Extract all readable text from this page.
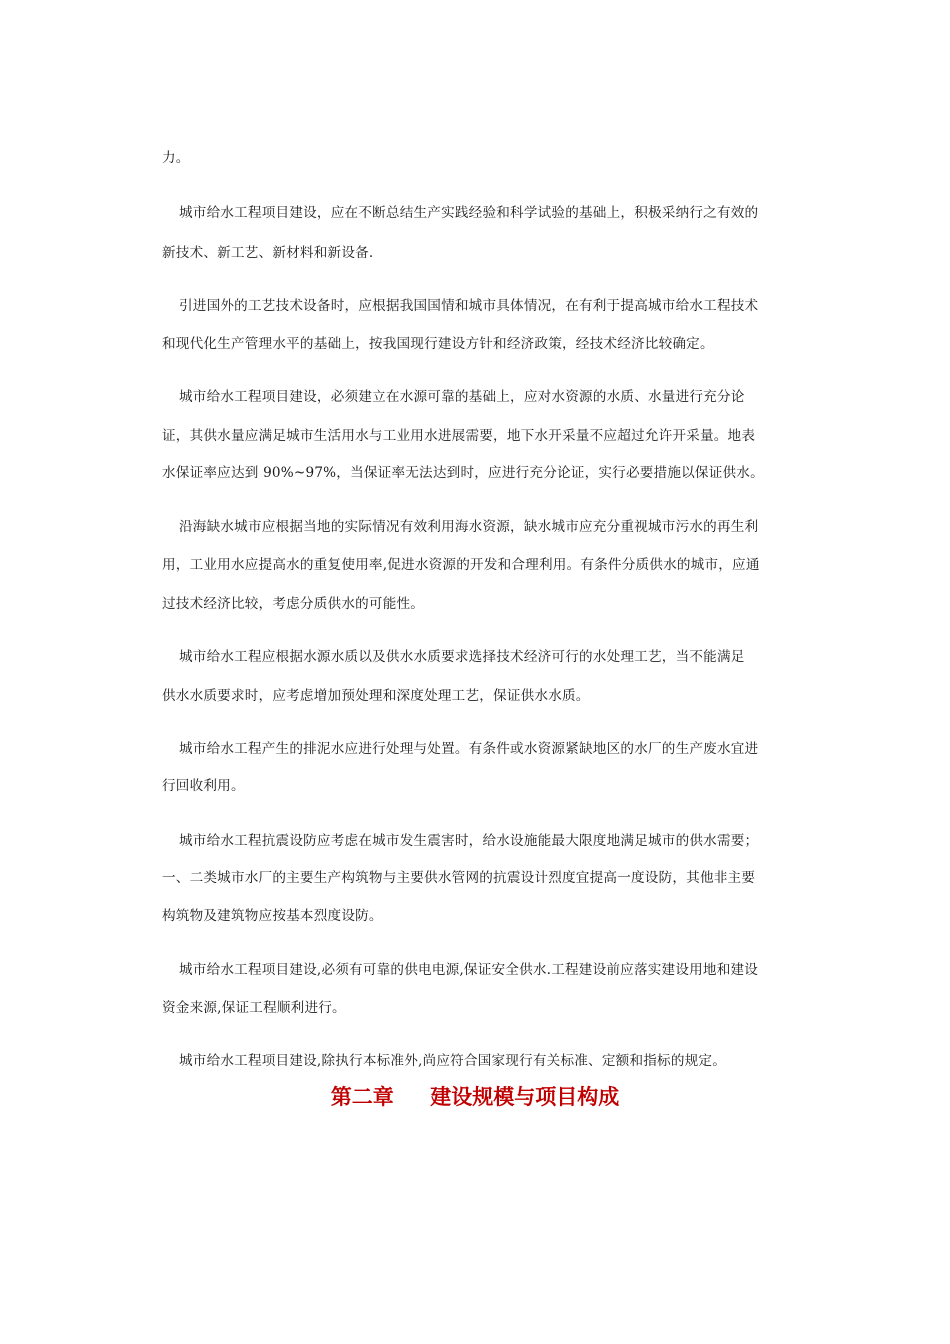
力。
城市给水工程项目建设，应在不断总结生产实践经验和科学试验的基础上，积极采纳行之有效的
新技术、新工艺、新材料和新设备.
引进国外的工艺技术设备时，应根据我国国情和城市具体情况，在有利于提高城市给水工程技术
和现代化生产管理水平的基础上，按我国现行建设方针和经济政策，经技术经济比较确定。
城市给水工程项目建设，必须建立在水源可靠的基础上，应对水资源的水质、水量进行充分论
证，其供水量应满足城市生活用水与工业用水进展需要，地下水开采量不应超过允许开采量。地表
水保证率应达到 90%~97%，当保证率无法达到时，应进行充分论证，实行必要措施以保证供水。
沿海缺水城市应根据当地的实际情况有效利用海水资源，缺水城市应充分重视城市污水的再生利
用，工业用水应提高水的重复使用率,促进水资源的开发和合理利用。有条件分质供水的城市，应通
过技术经济比较，考虑分质供水的可能性。
城市给水工程应根据水源水质以及供水水质要求选择技术经济可行的水处理工艺，当不能满足
供水水质要求时，应考虑增加预处理和深度处理工艺，保证供水水质。
城市给水工程产生的排泥水应进行处理与处置。有条件或水资源紧缺地区的水厂的生产废水宜进
行回收利用。
城市给水工程抗震设防应考虑在城市发生震害时，给水设施能最大限度地满足城市的供水需要；
一、二类城市水厂的主要生产构筑物与主要供水管网的抗震设计烈度宜提高一度设防，其他非主要
构筑物及建筑物应按基本烈度设防。
城市给水工程项目建设,必须有可靠的供电电源,保证安全供水.工程建设前应落实建设用地和建设
资金来源,保证工程顺利进行。
城市给水工程项目建设,除执行本标准外,尚应符合国家现行有关标准、定额和指标的规定。
第二章     建设规模与项目构成
